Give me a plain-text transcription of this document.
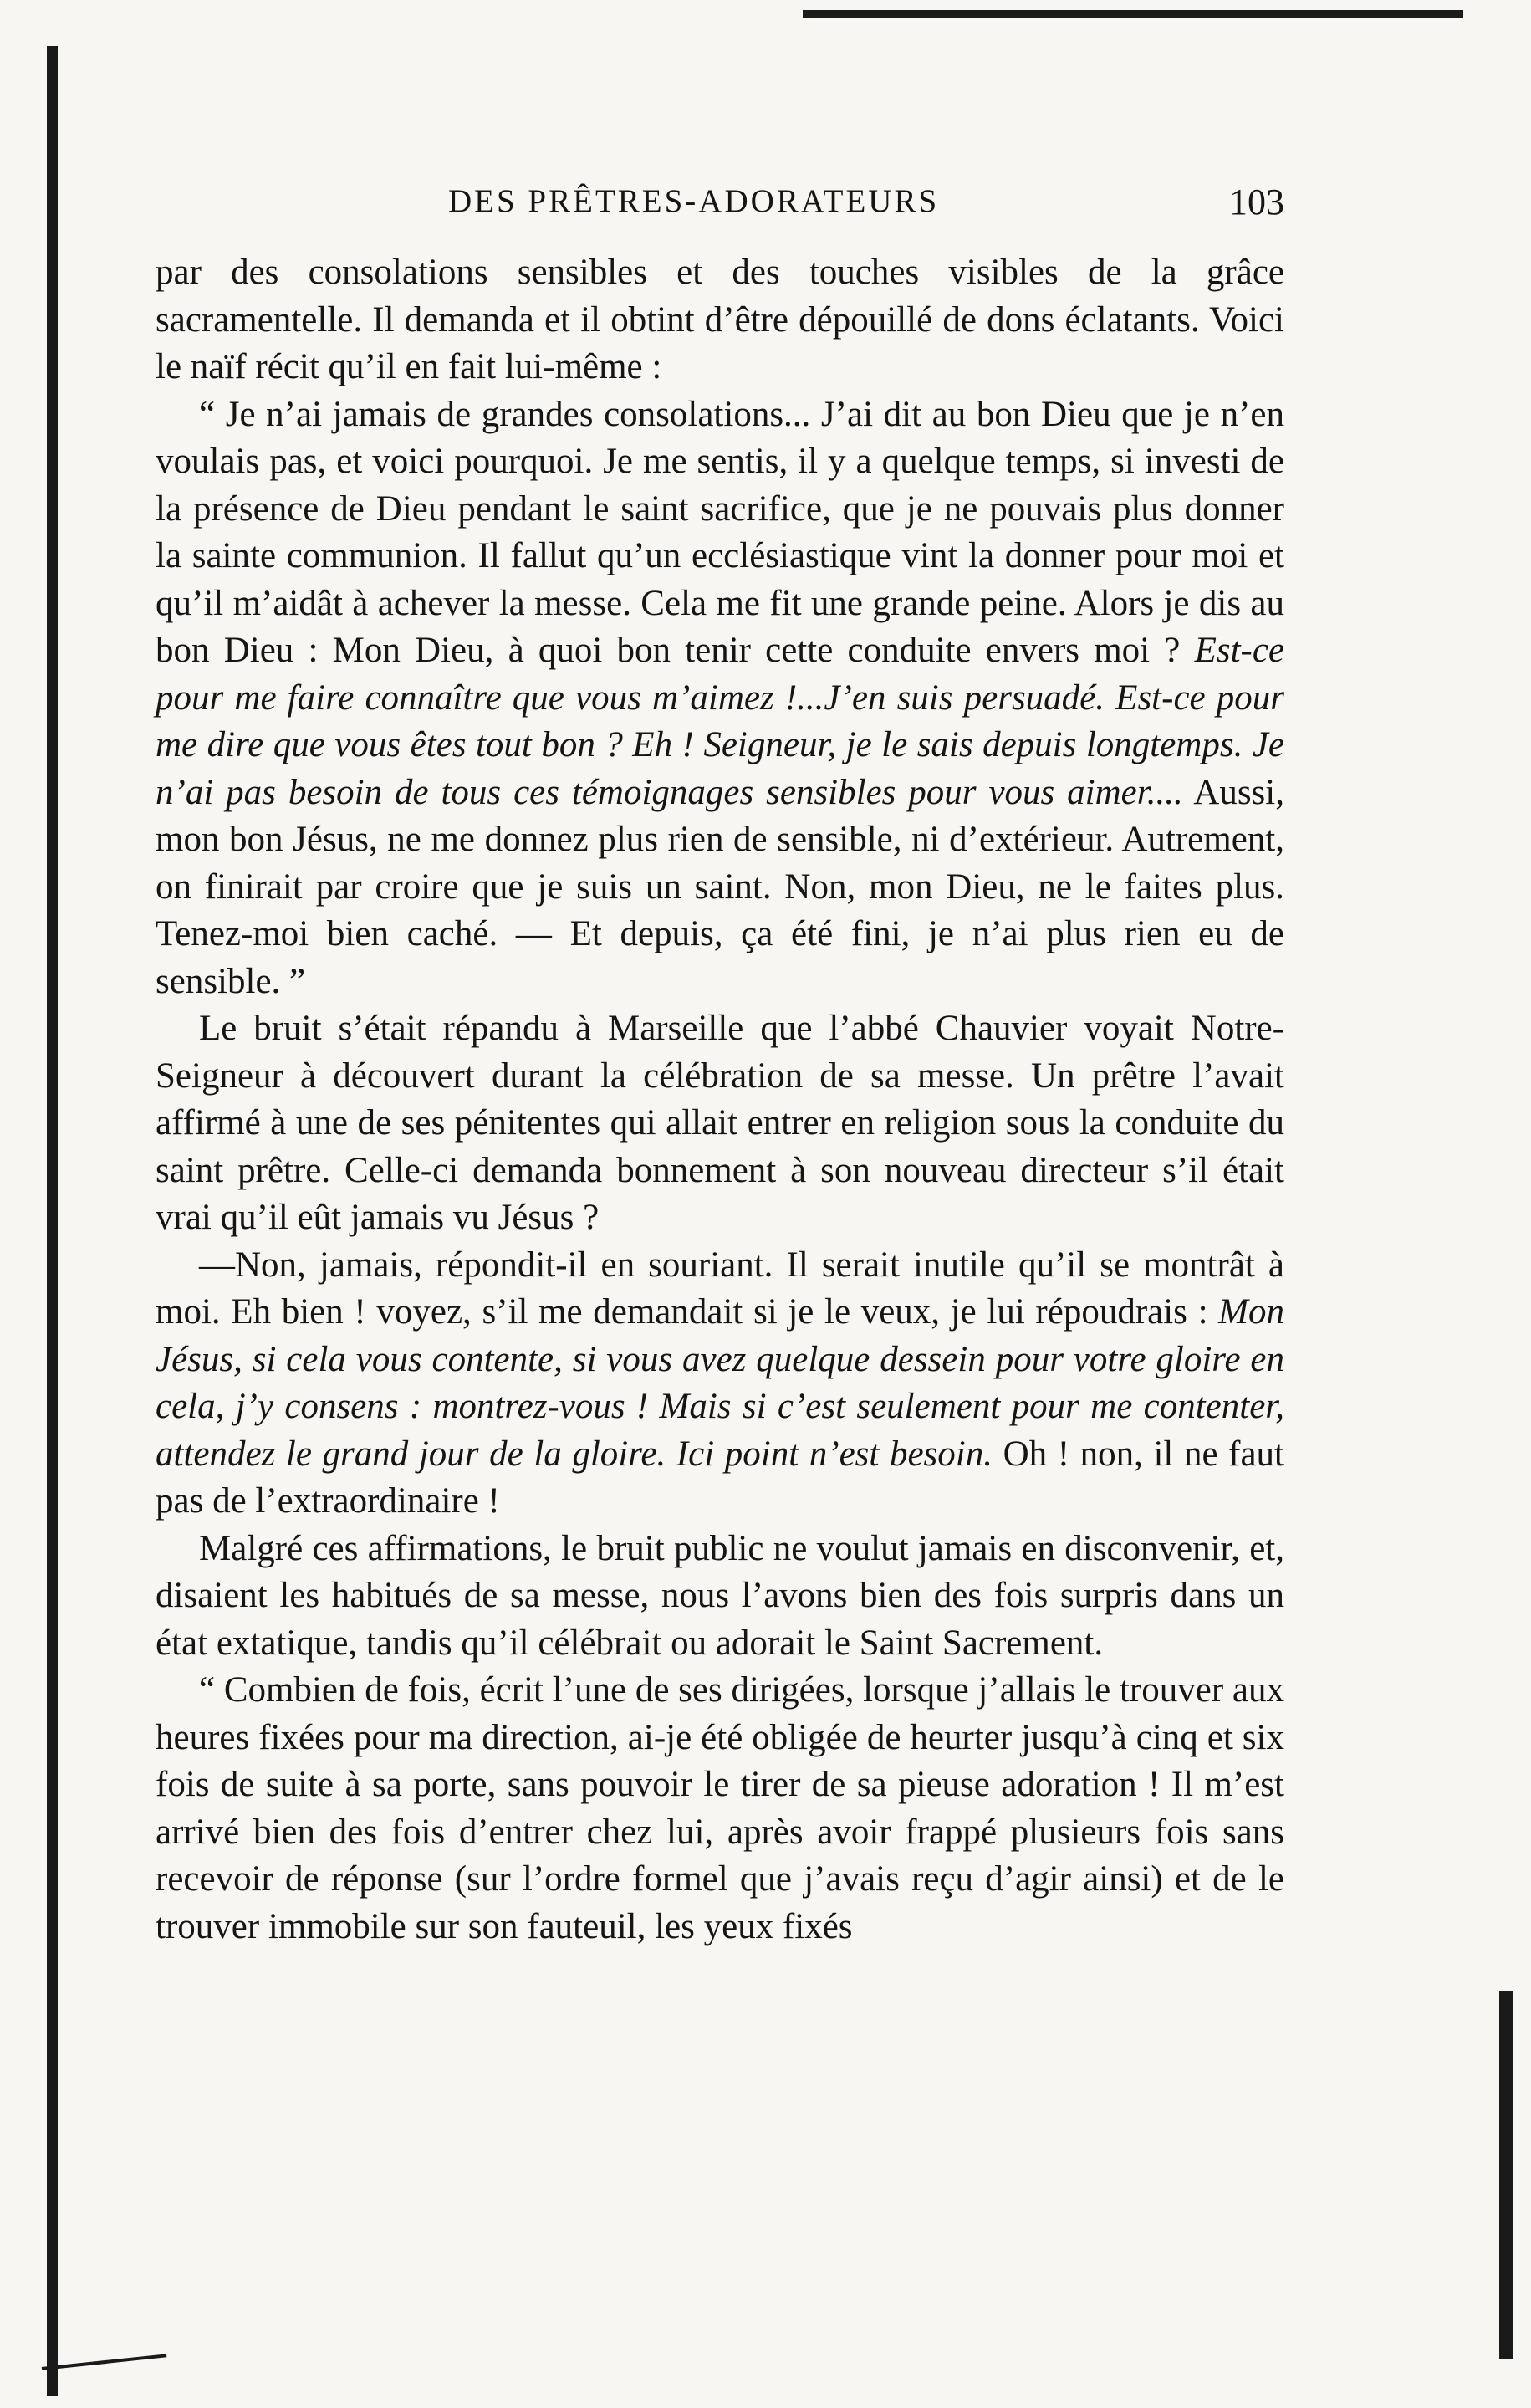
DES PRÊTRES-ADORATEURS	103

par des consolations sensibles et des touches visibles de la grâce sacramentelle. Il demanda et il obtint d’être dépouillé de dons éclatants. Voici le naïf récit qu’il en fait lui-même :

“ Je n’ai jamais de grandes consolations... J’ai dit au bon Dieu que je n’en voulais pas, et voici pourquoi. Je me sentis, il y a quelque temps, si investi de la présence de Dieu pendant le saint sacrifice, que je ne pouvais plus donner la sainte communion. Il fallut qu’un ecclésiastique vint la donner pour moi et qu’il m’aidât à achever la messe. Cela me fit une grande peine. Alors je dis au bon Dieu : Mon Dieu, à quoi bon tenir cette conduite envers moi ? Est-ce pour me faire connaître que vous m’aimez !...J’en suis persuadé. Est-ce pour me dire que vous êtes tout bon ? Eh ! Seigneur, je le sais depuis longtemps. Je n’ai pas besoin de tous ces témoignages sensibles pour vous aimer.... Aussi, mon bon Jésus, ne me donnez plus rien de sensible, ni d’extérieur. Autrement, on finirait par croire que je suis un saint. Non, mon Dieu, ne le faites plus. Tenez-moi bien caché. — Et depuis, ça été fini, je n’ai plus rien eu de sensible. ”

Le bruit s’était répandu à Marseille que l’abbé Chauvier voyait Notre-Seigneur à découvert durant la célébration de sa messe. Un prêtre l’avait affirmé à une de ses pénitentes qui allait entrer en religion sous la conduite du saint prêtre. Celle-ci demanda bonnement à son nouveau directeur s’il était vrai qu’il eût jamais vu Jésus ?

—Non, jamais, répondit-il en souriant. Il serait inutile qu’il se montrât à moi. Eh bien ! voyez, s’il me demandait si je le veux, je lui répoudrais : Mon Jésus, si cela vous contente, si vous avez quelque dessein pour votre gloire en cela, j’y consens : montrez-vous ! Mais si c’est seulement pour me contenter, attendez le grand jour de la gloire. Ici point n’est besoin. Oh ! non, il ne faut pas de l’extraordinaire !

Malgré ces affirmations, le bruit public ne voulut jamais en disconvenir, et, disaient les habitués de sa messe, nous l’avons bien des fois surpris dans un état extatique, tandis qu’il célébrait ou adorait le Saint Sacrement.

“ Combien de fois, écrit l’une de ses dirigées, lorsque j’allais le trouver aux heures fixées pour ma direction, ai-je été obligée de heurter jusqu’à cinq et six fois de suite à sa porte, sans pouvoir le tirer de sa pieuse adoration ! Il m’est arrivé bien des fois d’entrer chez lui, après avoir frappé plusieurs fois sans recevoir de réponse (sur l’ordre formel que j’avais reçu d’agir ainsi) et de le trouver immobile sur son fauteuil, les yeux fixés
